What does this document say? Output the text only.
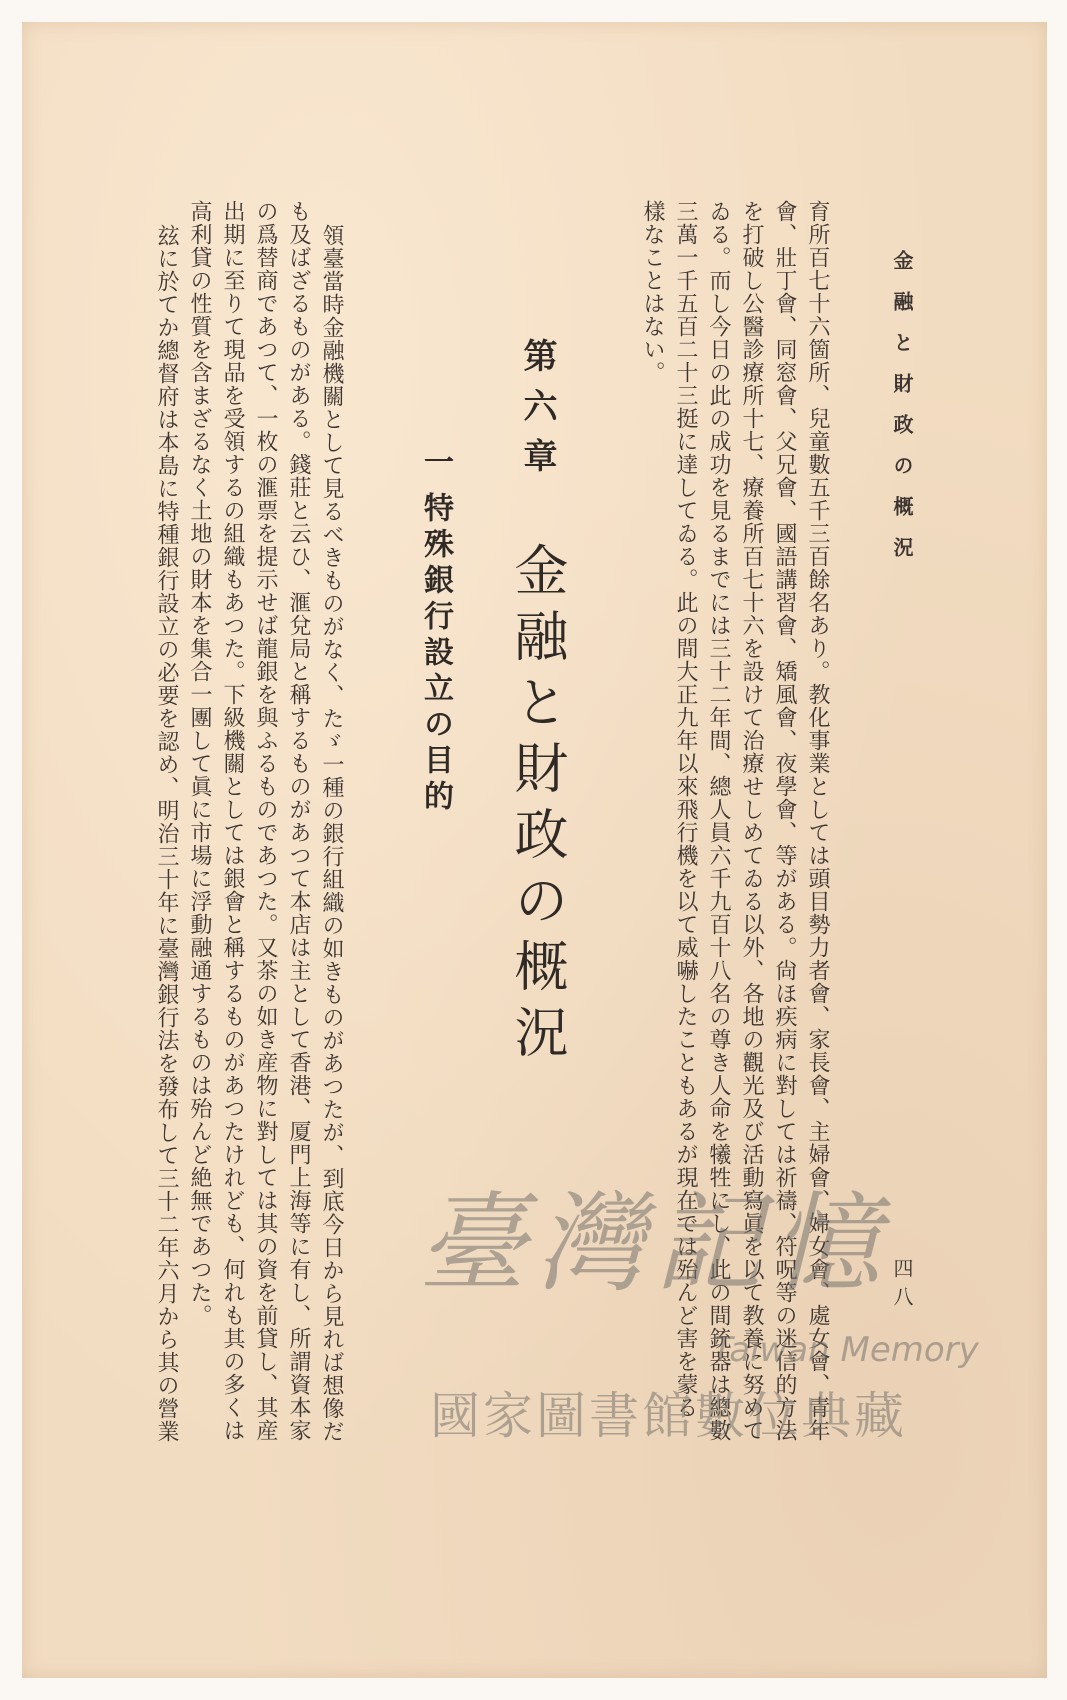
金融と財政の概況
四八
育所百七十六箇所、兒童數五千三百餘名あり。教化事業としては頭目勢力者會、家長會、主婦會、婦女會、處女會、青年
會、壯丁會、同窓會、父兄會、國語講習會、矯風會、夜學會、等がある。尙ほ疾病に對しては祈禱、符呪等の迷信的方法
を打破し公醫診療所十七、療養所百七十六を設けて治療せしめてゐる以外、各地の觀光及び活動寫眞を以て教養に努めて
ゐる。而し今日の此の成功を見るまでには三十二年間、總人員六千九百十八名の尊き人命を犧牲にし、此の間銃器は總數
三萬一千五百二十三挺に達してゐる。此の間大正九年以來飛行機を以て威嚇したこともあるが現在では殆んど害を蒙る
樣なことはない。
第六章
金融と財政の概況
一
特殊銀行設立の目的
領臺當時金融機關として見るべきものがなく、たゞ一種の銀行組織の如きものがあつたが、到底今日から見れば想像だ
も及ばざるものがある。錢莊と云ひ、滙兌局と稱するものがあつて本店は主として香港、厦門上海等に有し、所謂資本家
の爲替商であつて、一枚の滙票を提示せば龍銀を與ふるものであつた。又茶の如き産物に對しては其の資を前貸し、其産
出期に至りて現品を受領するの組織もあつた。下級機關としては銀會と稱するものがあつたけれども、何れも其の多くは
高利貸の性質を含まざるなく土地の財本を集合一團して眞に市場に浮動融通するものは殆んど絶無であつた。
玆に於てか總督府は本島に特種銀行設立の必要を認め、明治三十年に臺灣銀行法を發布して三十二年六月から其の營業 臺灣記憶
Taiwan Memory
國家圖書館數位典藏
